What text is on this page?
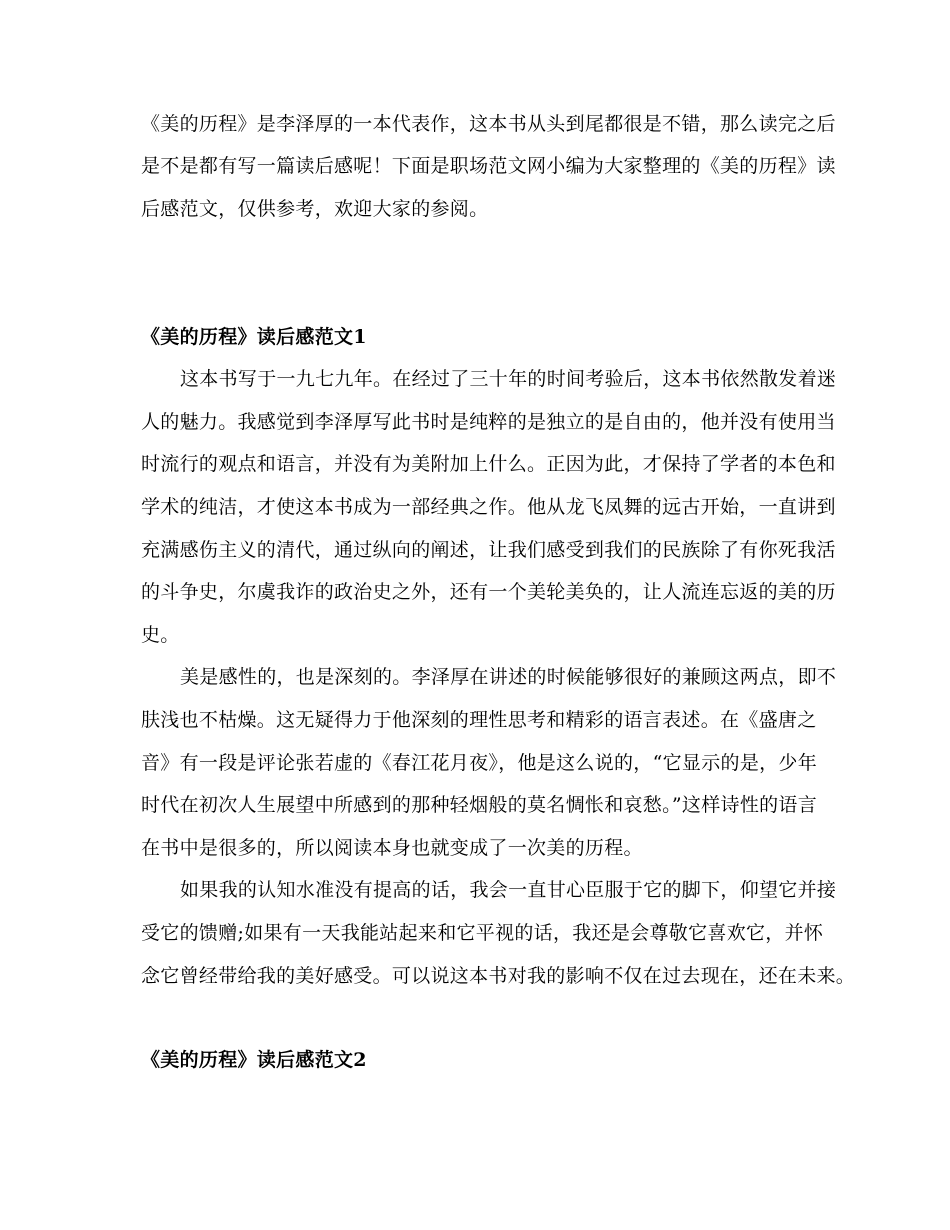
《美的历程》是李泽厚的一本代表作，这本书从头到尾都很是不错，那么读完之后
是不是都有写一篇读后感呢！下面是职场范文网小编为大家整理的《美的历程》读
后感范文，仅供参考，欢迎大家的参阅。
《美的历程》读后感范文1
这本书写于一九七九年。在经过了三十年的时间考验后，这本书依然散发着迷
人的魅力。我感觉到李泽厚写此书时是纯粹的是独立的是自由的，他并没有使用当
时流行的观点和语言，并没有为美附加上什么。正因为此，才保持了学者的本色和
学术的纯洁，才使这本书成为一部经典之作。他从龙飞凤舞的远古开始，一直讲到
充满感伤主义的清代，通过纵向的阐述，让我们感受到我们的民族除了有你死我活
的斗争史，尔虞我诈的政治史之外，还有一个美轮美奂的，让人流连忘返的美的历
史。
美是感性的，也是深刻的。李泽厚在讲述的时候能够很好的兼顾这两点，即不
肤浅也不枯燥。这无疑得力于他深刻的理性思考和精彩的语言表述。在《盛唐之
音》有一段是评论张若虚的《春江花月夜》，他是这么说的，“它显示的是，少年
时代在初次人生展望中所感到的那种轻烟般的莫名惆怅和哀愁。”这样诗性的语言
在书中是很多的，所以阅读本身也就变成了一次美的历程。
如果我的认知水准没有提高的话，我会一直甘心臣服于它的脚下，仰望它并接
受它的馈赠;如果有一天我能站起来和它平视的话，我还是会尊敬它喜欢它，并怀
念它曾经带给我的美好感受。可以说这本书对我的影响不仅在过去现在，还在未来。
《美的历程》读后感范文2
